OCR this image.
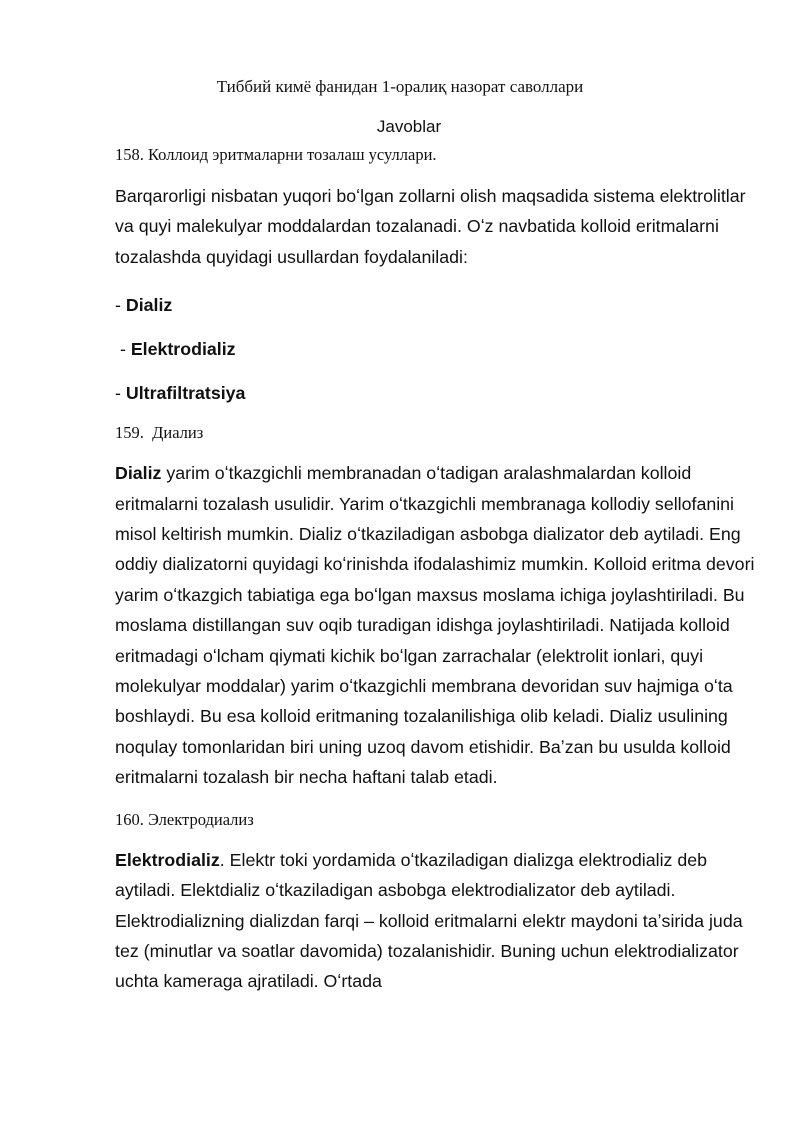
Тиббий кимё фанидан 1-оралиқ назорат саволлари
Javoblar

158. Коллоид эритмаларни тозалаш усуллари.

Barqarorligi nisbatan yuqori boʻlgan zollarni olish maqsadida sistema elektrolitlar va quyi malekulyar moddalardan tozalanadi. Oʻz navbatida kolloid eritmalarni tozalashda quyidagi usullardan foydalaniladi:

- Dializ

- Elektrodializ

- Ultrafiltratsiya

159.  Диализ

Dializ yarim oʻtkazgichli membranadan oʻtadigan aralashmalardan kolloid eritmalarni tozalash usulidir. Yarim oʻtkazgichli membranaga kollodiy sellofanini misol keltirish mumkin. Dializ oʻtkaziladigan asbobga dializator deb aytiladi. Eng oddiy dializatorni quyidagi koʻrinishda ifodalashimiz mumkin. Kolloid eritma devori yarim oʻtkazgich tabiatiga ega boʻlgan maxsus moslama ichiga joylashtiriladi. Bu moslama distillangan suv oqib turadigan idishga joylashtiriladi. Natijada kolloid eritmadagi oʻlcham qiymati kichik boʻlgan zarrachalar (elektrolit ionlari, quyi molekulyar moddalar) yarim oʻtkazgichli membrana devoridan suv hajmiga oʻta boshlaydi. Bu esa kolloid eritmaning tozalanilishiga olib keladi. Dializ usulining noqulay tomonlaridan biri uning uzoq davom etishidir. Baʼzan bu usulda kolloid eritmalarni tozalash bir necha haftani talab etadi.

160. Электродиализ

Elektrodializ. Elektr toki yordamida oʻtkaziladigan dializga elektrodializ deb aytiladi. Elektdializ oʻtkaziladigan asbobga elektrodializator deb aytiladi. Elektrodializning dializdan farqi – kolloid eritmalarni elektr maydoni taʼsirida juda tez (minutlar va soatlar davomida) tozalanishidir. Buning uchun elektrodializator uchta kameraga ajratiladi. Oʻrtada
